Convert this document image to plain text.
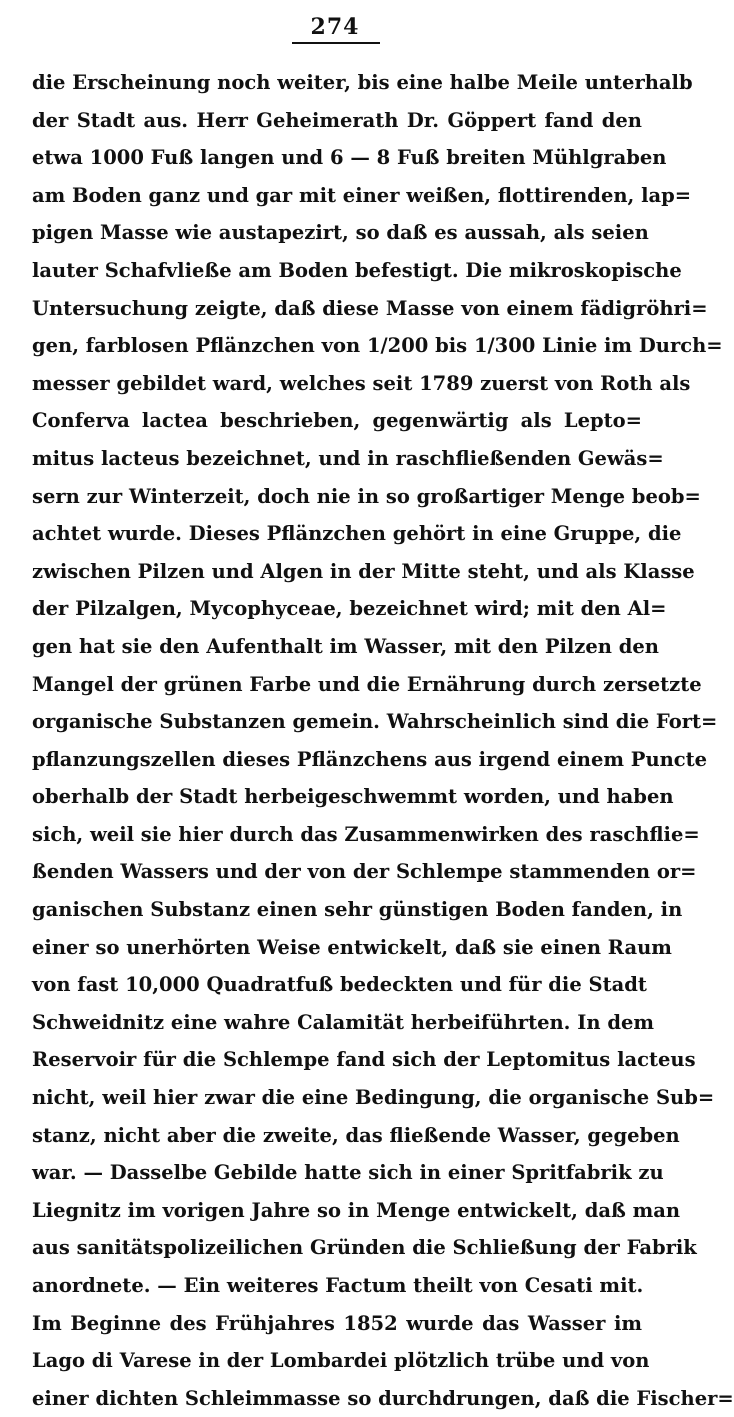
274
die Erscheinung noch weiter, bis eine halbe Meile unterhalb
der Stadt aus. Herr Geheimerath Dr. Göppert fand den
etwa 1000 Fuß langen und 6 — 8 Fuß breiten Mühlgraben
am Boden ganz und gar mit einer weißen, flottirenden, lap=
pigen Masse wie austapezirt, so daß es aussah, als seien
lauter Schafvließe am Boden befestigt. Die mikroskopische
Untersuchung zeigte, daß diese Masse von einem fädigröhri=
gen, farblosen Pflänzchen von 1/200 bis 1/300 Linie im Durch=
messer gebildet ward, welches seit 1789 zuerst von Roth als
Conferva lactea beschrieben, gegenwärtig als Lepto=
mitus lacteus bezeichnet, und in raschfließenden Gewäs=
sern zur Winterzeit, doch nie in so großartiger Menge beob=
achtet wurde. Dieses Pflänzchen gehört in eine Gruppe, die
zwischen Pilzen und Algen in der Mitte steht, und als Klasse
der Pilzalgen, Mycophyceae, bezeichnet wird; mit den Al=
gen hat sie den Aufenthalt im Wasser, mit den Pilzen den
Mangel der grünen Farbe und die Ernährung durch zersetzte
organische Substanzen gemein. Wahrscheinlich sind die Fort=
pflanzungszellen dieses Pflänzchens aus irgend einem Puncte
oberhalb der Stadt herbeigeschwemmt worden, und haben
sich, weil sie hier durch das Zusammenwirken des raschflie=
ßenden Wassers und der von der Schlempe stammenden or=
ganischen Substanz einen sehr günstigen Boden fanden, in
einer so unerhörten Weise entwickelt, daß sie einen Raum
von fast 10,000 Quadratfuß bedeckten und für die Stadt
Schweidnitz eine wahre Calamität herbeiführten. In dem
Reservoir für die Schlempe fand sich der Leptomitus lacteus
nicht, weil hier zwar die eine Bedingung, die organische Sub=
stanz, nicht aber die zweite, das fließende Wasser, gegeben
war. — Dasselbe Gebilde hatte sich in einer Spritfabrik zu
Liegnitz im vorigen Jahre so in Menge entwickelt, daß man
aus sanitätspolizeilichen Gründen die Schließung der Fabrik
anordnete. — Ein weiteres Factum theilt von Cesati mit.
Im Beginne des Frühjahres 1852 wurde das Wasser im
Lago di Varese in der Lombardei plötzlich trübe und von
einer dichten Schleimmasse so durchdrungen, daß die Fischer=
